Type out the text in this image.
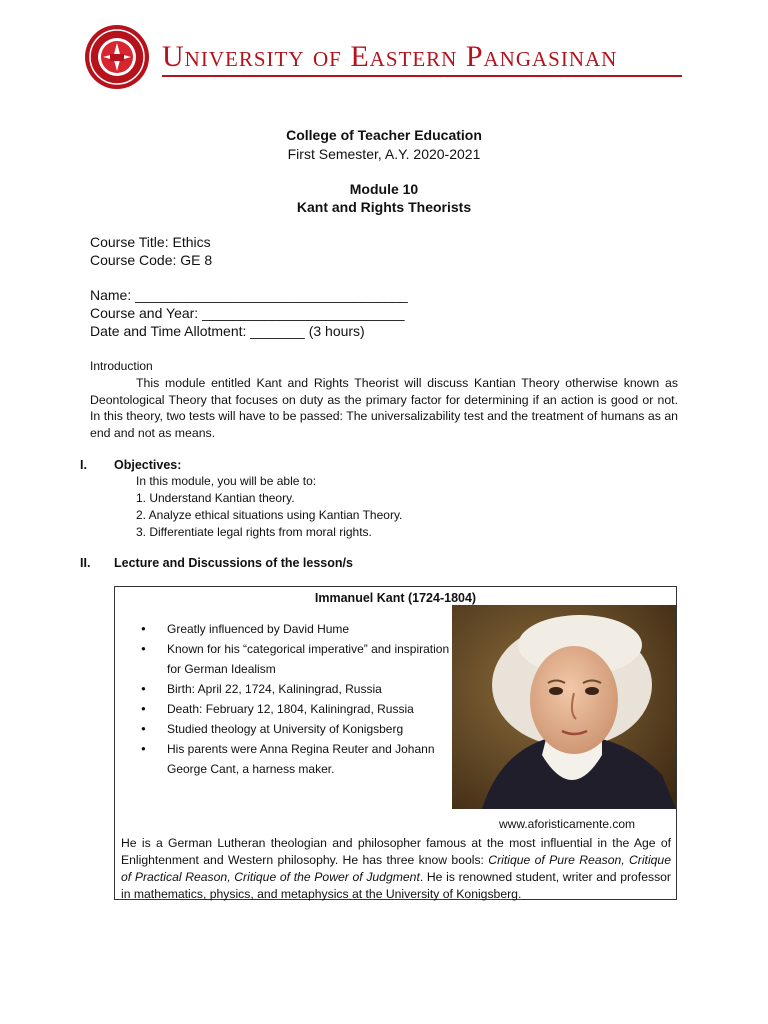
University of Eastern Pangasinan
College of Teacher Education
First Semester, A.Y. 2020-2021
Module 10
Kant and Rights Theorists
Course Title: Ethics
Course Code: GE 8
Name: ___________________________________
Course and Year: __________________________
Date and Time Allotment: _______ (3 hours)
Introduction

This module entitled Kant and Rights Theorist will discuss Kantian Theory otherwise known as Deontological Theory that focuses on duty as the primary factor for determining if an action is good or not. In this theory, two tests will have to be passed: The universalizability test and the treatment of humans as an end and not as means.

I. Objectives:
In this module, you will be able to:
1. Understand Kantian theory.
2. Analyze ethical situations using Kantian Theory.
3. Differentiate legal rights from moral rights.
II. Lecture and Discussions of the lesson/s
Immanuel Kant (1724-1804)
● Greatly influenced by David Hume
● Known for his “categorical imperative” and inspiration for German Idealism
● Birth: April 22, 1724, Kaliningrad, Russia
● Death: February 12, 1804, Kaliningrad, Russia
● Studied theology at University of Konigsberg
● His parents were Anna Regina Reuter and Johann George Cant, a harness maker.
www.aforisticamente.com

He is a German Lutheran theologian and philosopher famous at the most influential in the Age of Enlightenment and Western philosophy. He has three know bools: Critique of Pure Reason, Critique of Practical Reason, Critique of the Power of Judgment. He is renowned student, writer and professor in mathematics, physics, and metaphysics at the University of Konigsberg.
